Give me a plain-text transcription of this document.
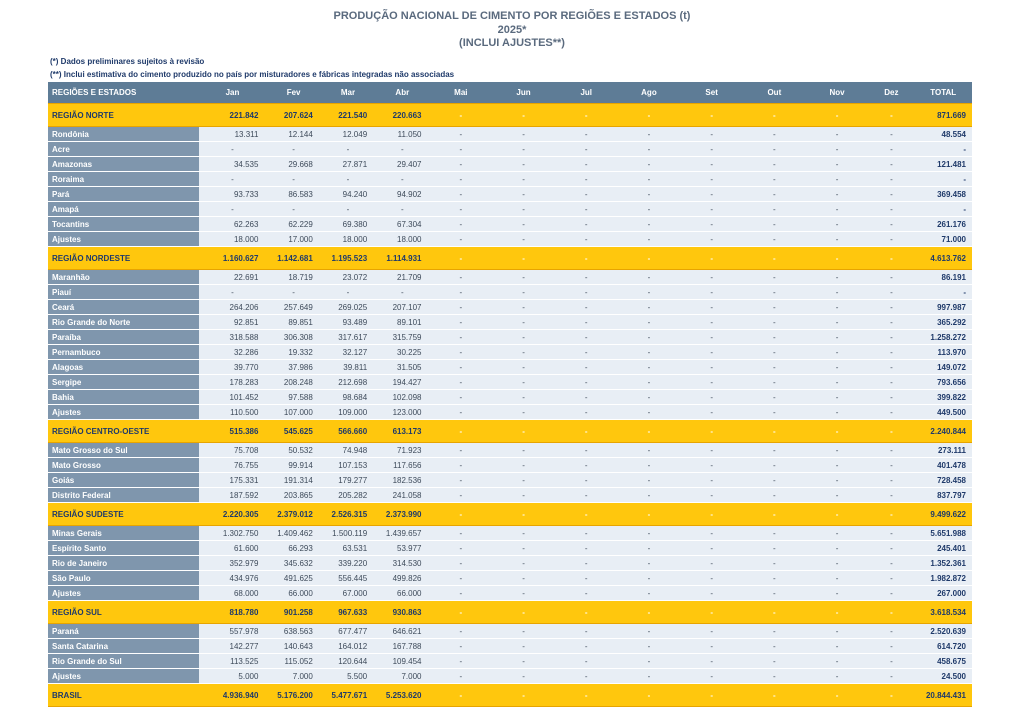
PRODUÇÃO NACIONAL DE CIMENTO POR REGIÕES E ESTADOS (t)
2025*
(INCLUI AJUSTES**)
(*) Dados preliminares sujeitos à revisão
(**) Inclui estimativa do cimento produzido no país por misturadores e fábricas integradas não associadas
REGIÕES E ESTADOS	Jan	Fev	Mar	Abr	Mai	Jun	Jul	Ago	Set	Out	Nov	Dez	TOTAL
REGIÃO NORTE	221.842	207.624	221.540	220.663	-	-	-	-	-	-	-	-	871.669
Rondônia	13.311	12.144	12.049	11.050	-	-	-	-	-	-	-	-	48.554
Acre	-	-	-	-	-	-	-	-	-	-	-	-	-
Amazonas	34.535	29.668	27.871	29.407	-	-	-	-	-	-	-	-	121.481
Roraima	-	-	-	-	-	-	-	-	-	-	-	-	-
Pará	93.733	86.583	94.240	94.902	-	-	-	-	-	-	-	-	369.458
Amapá	-	-	-	-	-	-	-	-	-	-	-	-	-
Tocantins	62.263	62.229	69.380	67.304	-	-	-	-	-	-	-	-	261.176
Ajustes	18.000	17.000	18.000	18.000	-	-	-	-	-	-	-	-	71.000
REGIÃO NORDESTE	1.160.627	1.142.681	1.195.523	1.114.931	-	-	-	-	-	-	-	-	4.613.762
Maranhão	22.691	18.719	23.072	21.709	-	-	-	-	-	-	-	-	86.191
Piauí	-	-	-	-	-	-	-	-	-	-	-	-	-
Ceará	264.206	257.649	269.025	207.107	-	-	-	-	-	-	-	-	997.987
Rio Grande do Norte	92.851	89.851	93.489	89.101	-	-	-	-	-	-	-	-	365.292
Paraíba	318.588	306.308	317.617	315.759	-	-	-	-	-	-	-	-	1.258.272
Pernambuco	32.286	19.332	32.127	30.225	-	-	-	-	-	-	-	-	113.970
Alagoas	39.770	37.986	39.811	31.505	-	-	-	-	-	-	-	-	149.072
Sergipe	178.283	208.248	212.698	194.427	-	-	-	-	-	-	-	-	793.656
Bahia	101.452	97.588	98.684	102.098	-	-	-	-	-	-	-	-	399.822
Ajustes	110.500	107.000	109.000	123.000	-	-	-	-	-	-	-	-	449.500
REGIÃO CENTRO-OESTE	515.386	545.625	566.660	613.173	-	-	-	-	-	-	-	-	2.240.844
Mato Grosso do Sul	75.708	50.532	74.948	71.923	-	-	-	-	-	-	-	-	273.111
Mato Grosso	76.755	99.914	107.153	117.656	-	-	-	-	-	-	-	-	401.478
Goiás	175.331	191.314	179.277	182.536	-	-	-	-	-	-	-	-	728.458
Distrito Federal	187.592	203.865	205.282	241.058	-	-	-	-	-	-	-	-	837.797
REGIÃO SUDESTE	2.220.305	2.379.012	2.526.315	2.373.990	-	-	-	-	-	-	-	-	9.499.622
Minas Gerais	1.302.750	1.409.462	1.500.119	1.439.657	-	-	-	-	-	-	-	-	5.651.988
Espírito Santo	61.600	66.293	63.531	53.977	-	-	-	-	-	-	-	-	245.401
Rio de Janeiro	352.979	345.632	339.220	314.530	-	-	-	-	-	-	-	-	1.352.361
São Paulo	434.976	491.625	556.445	499.826	-	-	-	-	-	-	-	-	1.982.872
Ajustes	68.000	66.000	67.000	66.000	-	-	-	-	-	-	-	-	267.000
REGIÃO SUL	818.780	901.258	967.633	930.863	-	-	-	-	-	-	-	-	3.618.534
Paraná	557.978	638.563	677.477	646.621	-	-	-	-	-	-	-	-	2.520.639
Santa Catarina	142.277	140.643	164.012	167.788	-	-	-	-	-	-	-	-	614.720
Rio Grande do Sul	113.525	115.052	120.644	109.454	-	-	-	-	-	-	-	-	458.675
Ajustes	5.000	7.000	5.500	7.000	-	-	-	-	-	-	-	-	24.500
BRASIL	4.936.940	5.176.200	5.477.671	5.253.620	-	-	-	-	-	-	-	-	20.844.431
